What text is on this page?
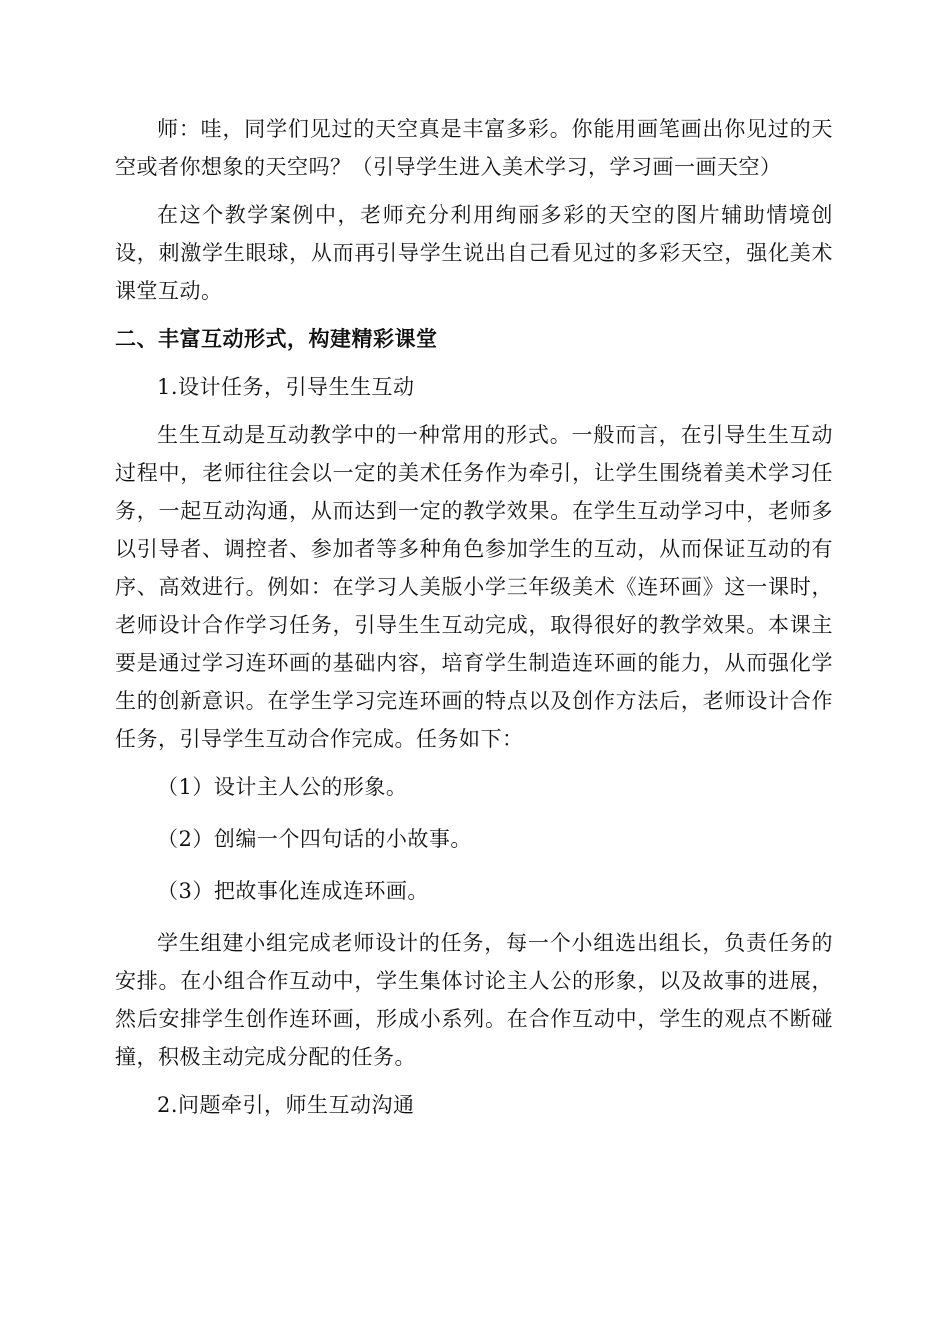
师：哇，同学们见过的天空真是丰富多彩。你能用画笔画出你见过的天空或者你想象的天空吗？（引导学生进入美术学习，学习画一画天空）

在这个教学案例中，老师充分利用绚丽多彩的天空的图片辅助情境创设，刺激学生眼球，从而再引导学生说出自己看见过的多彩天空，强化美术课堂互动。

二、丰富互动形式，构建精彩课堂
1.设计任务，引导生生互动

生生互动是互动教学中的一种常用的形式。一般而言，在引导生生互动过程中，老师往往会以一定的美术任务作为牵引，让学生围绕着美术学习任务，一起互动沟通，从而达到一定的教学效果。在学生互动学习中，老师多以引导者、调控者、参加者等多种角色参加学生的互动，从而保证互动的有序、高效进行。例如：在学习人美版小学三年级美术《连环画》这一课时，老师设计合作学习任务，引导生生互动完成，取得很好的教学效果。本课主要是通过学习连环画的基础内容，培育学生制造连环画的能力，从而强化学生的创新意识。在学生学习完连环画的特点以及创作方法后，老师设计合作任务，引导学生互动合作完成。任务如下：

（1）设计主人公的形象。
（2）创编一个四句话的小故事。
（3）把故事化连成连环画。

学生组建小组完成老师设计的任务，每一个小组选出组长，负责任务的安排。在小组合作互动中，学生集体讨论主人公的形象，以及故事的进展，然后安排学生创作连环画，形成小系列。在合作互动中，学生的观点不断碰撞，积极主动完成分配的任务。

2.问题牵引，师生互动沟通
